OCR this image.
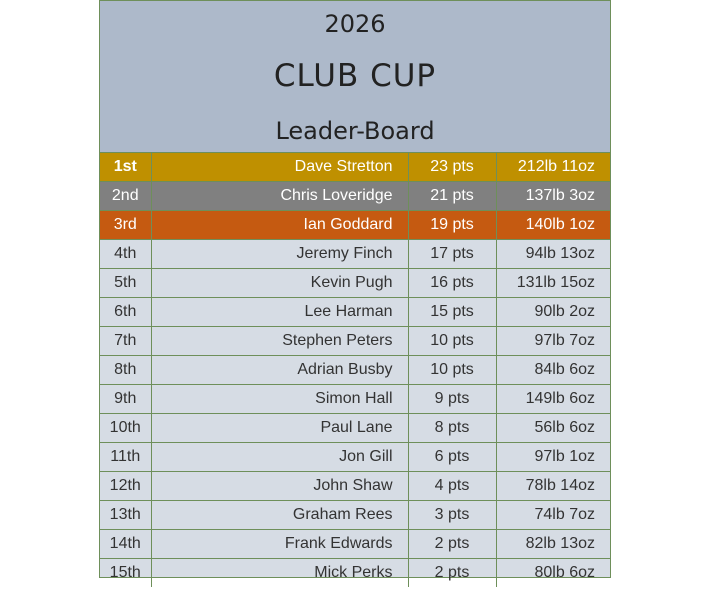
2026
CLUB CUP
Leader-Board
1st	Dave Stretton	23 pts	212lb 11oz
2nd	Chris Loveridge	21 pts	137lb 3oz
3rd	Ian Goddard	19 pts	140lb 1oz
4th	Jeremy Finch	17 pts	94lb 13oz
5th	Kevin Pugh	16 pts	131lb 15oz
6th	Lee Harman	15 pts	90lb 2oz
7th	Stephen Peters	10 pts	97lb 7oz
8th	Adrian Busby	10 pts	84lb 6oz
9th	Simon Hall	9 pts	149lb 6oz
10th	Paul Lane	8 pts	56lb 6oz
11th	Jon Gill	6 pts	97lb 1oz
12th	John Shaw	4 pts	78lb 14oz
13th	Graham Rees	3 pts	74lb 7oz
14th	Frank Edwards	2 pts	82lb 13oz
15th	Mick Perks	2 pts	80lb 6oz
